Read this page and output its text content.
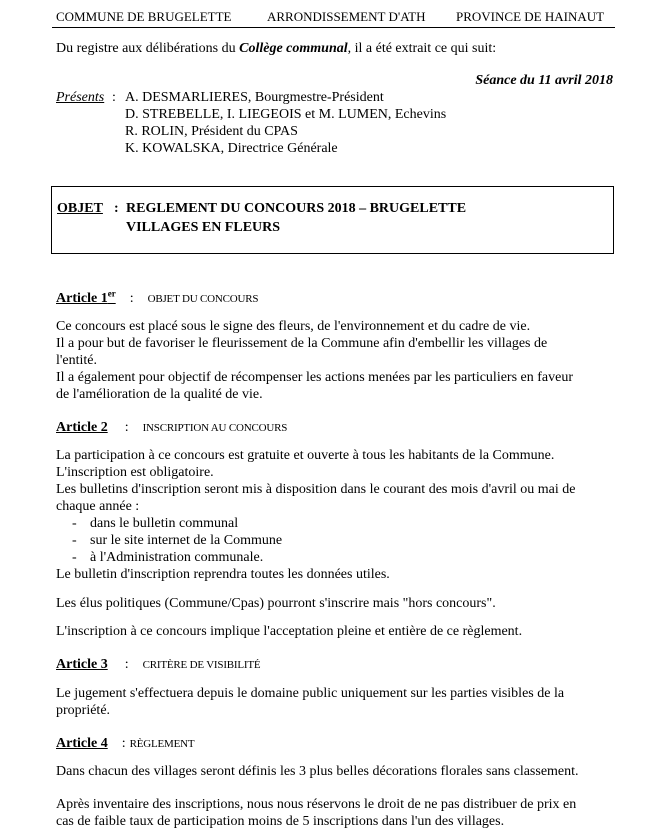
COMMUNE DE BRUGELETTE	ARRONDISSEMENT D'ATH PROVINCE DE HAINAUT
Du registre aux délibérations du Collège communal, il a été extrait ce qui suit:
Séance du 11 avril 2018
Présents : A. DESMARLIERES, Bourgmestre-Président
D. STREBELLE, I. LIEGEOIS et M. LUMEN, Echevins
R. ROLIN, Président du CPAS
K. KOWALSKA, Directrice Générale
OBJET : REGLEMENT DU CONCOURS 2018 – BRUGELETTE
VILLAGES EN FLEURS
Article 1er : OBJET DU CONCOURS
Ce concours est placé sous le signe des fleurs, de l'environnement et du cadre de vie.
Il a pour but de favoriser le fleurissement de la Commune afin d'embellir les villages de
l'entité.
Il a également pour objectif de récompenser les actions menées par les particuliers en faveur
de l'amélioration de la qualité de vie.
Article 2 : INSCRIPTION AU CONCOURS
La participation à ce concours est gratuite et ouverte à tous les habitants de la Commune.
L'inscription est obligatoire.
Les bulletins d'inscription seront mis à disposition dans le courant des mois d'avril ou mai de
chaque année :
- dans le bulletin communal
- sur le site internet de la Commune
- à l'Administration communale.
Le bulletin d'inscription reprendra toutes les données utiles.
Les élus politiques (Commune/Cpas) pourront s'inscrire mais "hors concours".
L'inscription à ce concours implique l'acceptation pleine et entière de ce règlement.
Article 3 : CRITÈRE DE VISIBILITÉ
Le jugement s'effectuera depuis le domaine public uniquement sur les parties visibles de la
propriété.
Article 4 :RÈGLEMENT
Dans chacun des villages seront définis les 3 plus belles décorations florales sans classement.
Après inventaire des inscriptions, nous nous réservons le droit de ne pas distribuer de prix en
cas de faible taux de participation moins de 5 inscriptions dans l'un des villages.
